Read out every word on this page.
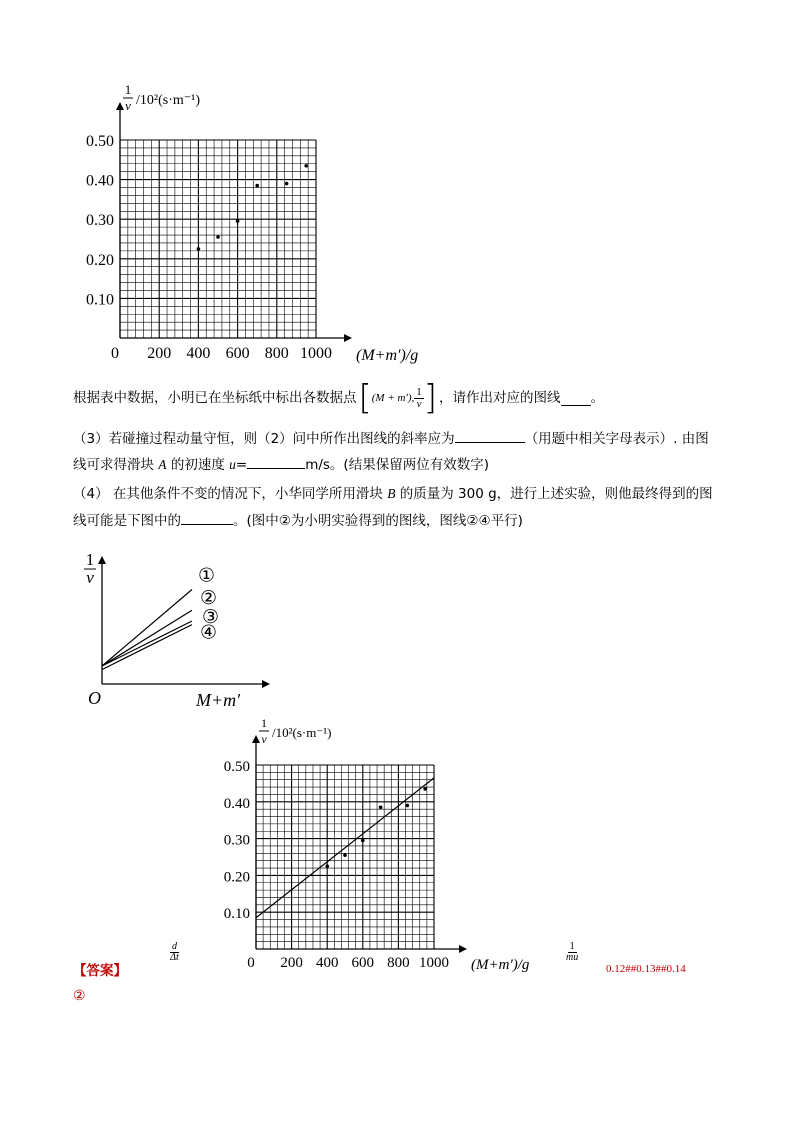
0.10
0.20
0.30
0.40
0.50
0 200 400 600 800 1000 (M+m′)/g
1
v /10²(s·m⁻¹)
根据表中数据，小明已在坐标纸中标出各数据点 [ (M + m′), $\frac{1}{v}$ ] ，请作出对应的图线 。
（3）若碰撞过程动量守恒，则（2）问中所作出图线的斜率应为	（用题中相关字母表示）. 由图
线可求得滑块 A 的初速度 u=	m/s。(结果保留两位有效数字)
（4） 在其他条件不变的情况下，小华同学所用滑块 B 的质量为 300 g，进行上述实验，则他最终得到的图
线可能是下图中的	。(图中②为小明实验得到的图线，图线②④平行)
O	M+m′
1
v	①
②
③
④
0.10
0.20
0.30
0.40
0.50
0 200 400 600 800 1000 (M+m′)/g
1
v /10²(s·m⁻¹)
【答案】
$\frac{d}{\Delta t}$	$\frac{1}{mu}$
0.12##0.13##0.14
②
